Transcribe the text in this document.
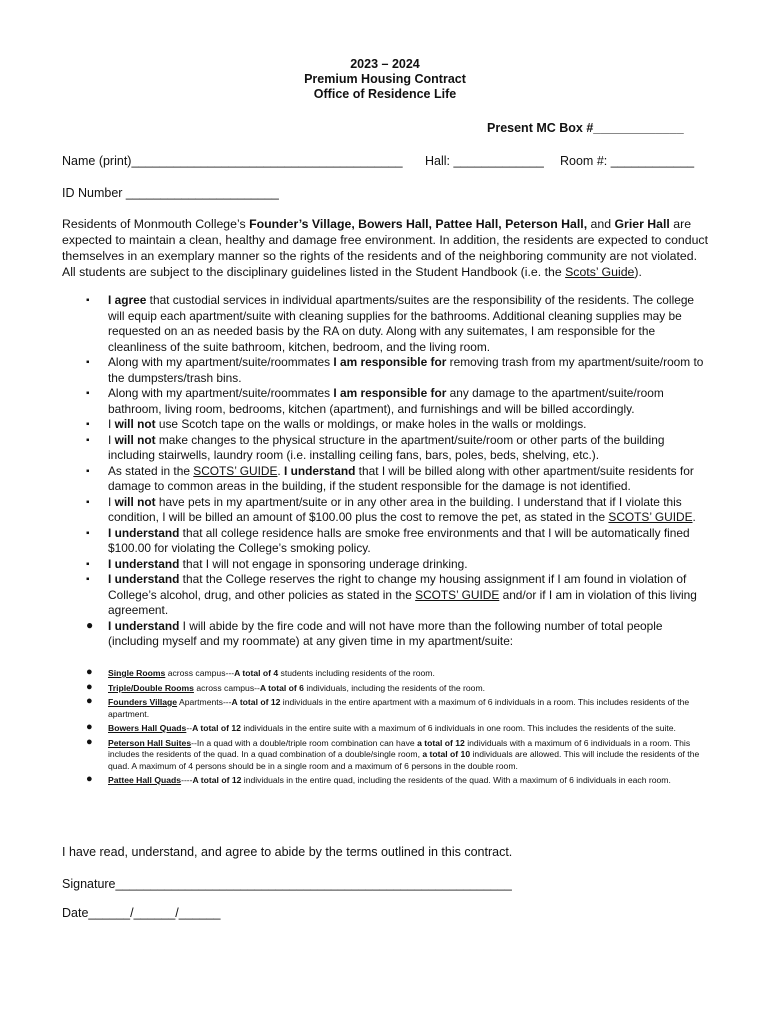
2023 – 2024
Premium Housing Contract
Office of Residence Life
Present MC Box #_____________
Name (print)_______________________________________ Hall: _____________ Room #: ____________
ID Number ______________________
Residents of Monmouth College’s Founder’s Village, Bowers Hall, Pattee Hall, Peterson Hall, and Grier Hall are expected to maintain a clean, healthy and damage free environment. In addition, the residents are expected to conduct themselves in an exemplary manner so the rights of the residents and of the neighboring community are not violated. All students are subject to the disciplinary guidelines listed in the Student Handbook (i.e. the Scots’ Guide).
▪ I agree that custodial services in individual apartments/suites are the responsibility of the residents. The college will equip each apartment/suite with cleaning supplies for the bathrooms. Additional cleaning supplies may be requested on an as needed basis by the RA on duty. Along with any suitemates, I am responsible for the cleanliness of the suite bathroom, kitchen, bedroom, and the living room.
▪ Along with my apartment/suite/roommates I am responsible for removing trash from my apartment/suite/room to the dumpsters/trash bins.
▪ Along with my apartment/suite/roommates I am responsible for any damage to the apartment/suite/room bathroom, living room, bedrooms, kitchen (apartment), and furnishings and will be billed accordingly.
▪ I will not use Scotch tape on the walls or moldings, or make holes in the walls or moldings.
▪ I will not make changes to the physical structure in the apartment/suite/room or other parts of the building including stairwells, laundry room (i.e. installing ceiling fans, bars, poles, beds, shelving, etc.).
▪ As stated in the SCOTS’ GUIDE. I understand that I will be billed along with other apartment/suite residents for damage to common areas in the building, if the student responsible for the damage is not identified.
▪ I will not have pets in my apartment/suite or in any other area in the building. I understand that if I violate this condition, I will be billed an amount of $100.00 plus the cost to remove the pet, as stated in the SCOTS’ GUIDE.
▪ I understand that all college residence halls are smoke free environments and that I will be automatically fined $100.00 for violating the College’s smoking policy.
▪ I understand that I will not engage in sponsoring underage drinking.
▪ I understand that the College reserves the right to change my housing assignment if I am found in violation of College’s alcohol, drug, and other policies as stated in the SCOTS’ GUIDE and/or if I am in violation of this living agreement.
● I understand I will abide by the fire code and will not have more than the following number of total people (including myself and my roommate) at any given time in my apartment/suite:
● Single Rooms across campus---A total of 4 students including residents of the room.
● Triple/Double Rooms across campus--A total of 6 individuals, including the residents of the room.
● Founders Village Apartments---A total of 12 individuals in the entire apartment with a maximum of 6 individuals in a room. This includes residents of the apartment.
● Bowers Hall Quads--A total of 12 individuals in the entire suite with a maximum of 6 individuals in one room. This includes the residents of the suite.
● Peterson Hall Suites--In a quad with a double/triple room combination can have a total of 12 individuals with a maximum of 6 individuals in a room. This includes the residents of the quad. In a quad combination of a double/single room, a total of 10 individuals are allowed. This will include the residents of the quad. A maximum of 4 persons should be in a single room and a maximum of 6 persons in the double room.
● Pattee Hall Quads----A total of 12 individuals in the entire quad, including the residents of the quad. With a maximum of 6 individuals in each room.
I have read, understand, and agree to abide by the terms outlined in this contract.
Signature_________________________________________________________
Date______/______/______
